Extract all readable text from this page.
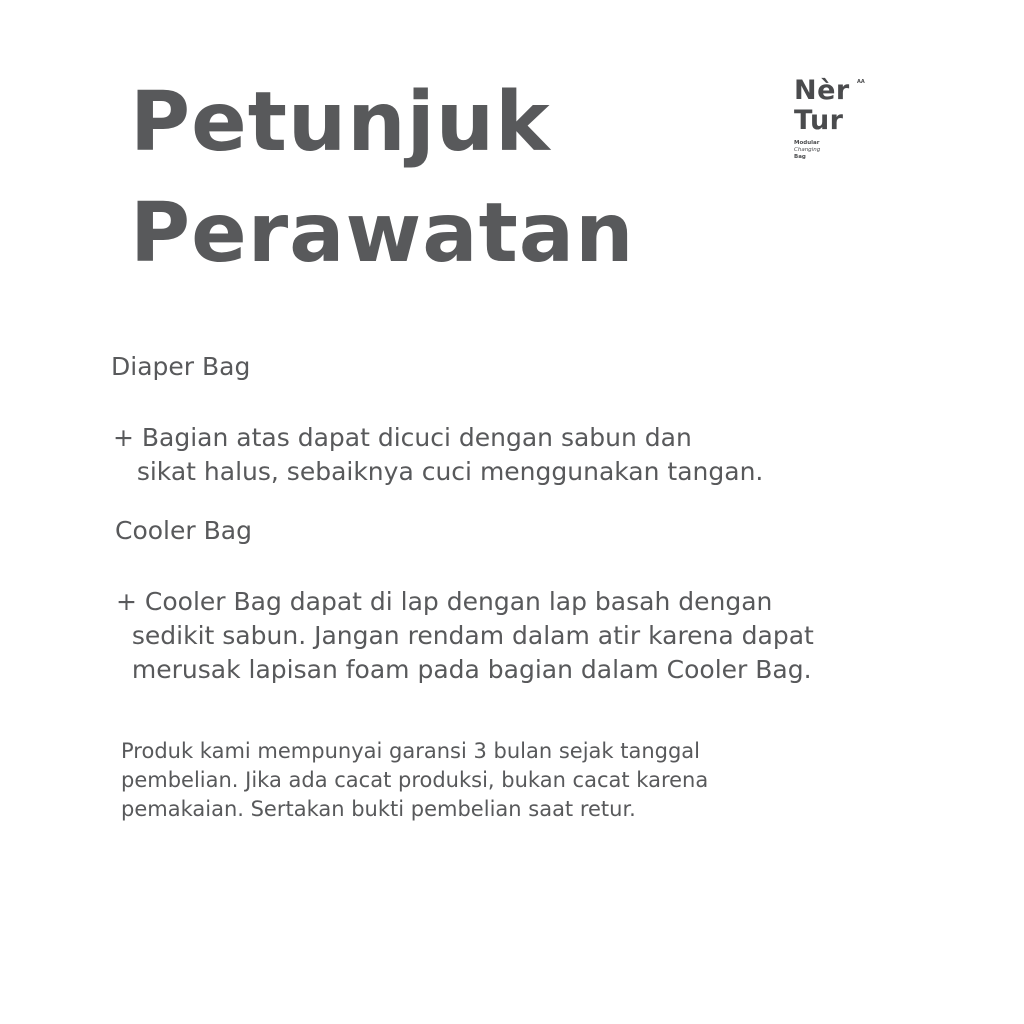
Petunjuk
Perawatan
Nèr	AA
Tur
Modular
Changing
Bag

Diaper Bag

+ Bagian atas dapat dicuci dengan sabun dan
sikat halus, sebaiknya cuci menggunakan tangan.

Cooler Bag

+ Cooler Bag dapat di lap dengan lap basah dengan
sedikit sabun. Jangan rendam dalam atir karena dapat
merusak lapisan foam pada bagian dalam Cooler Bag.
Produk kami mempunyai garansi 3 bulan sejak tanggal
pembelian. Jika ada cacat produksi, bukan cacat karena
pemakaian. Sertakan bukti pembelian saat retur.
